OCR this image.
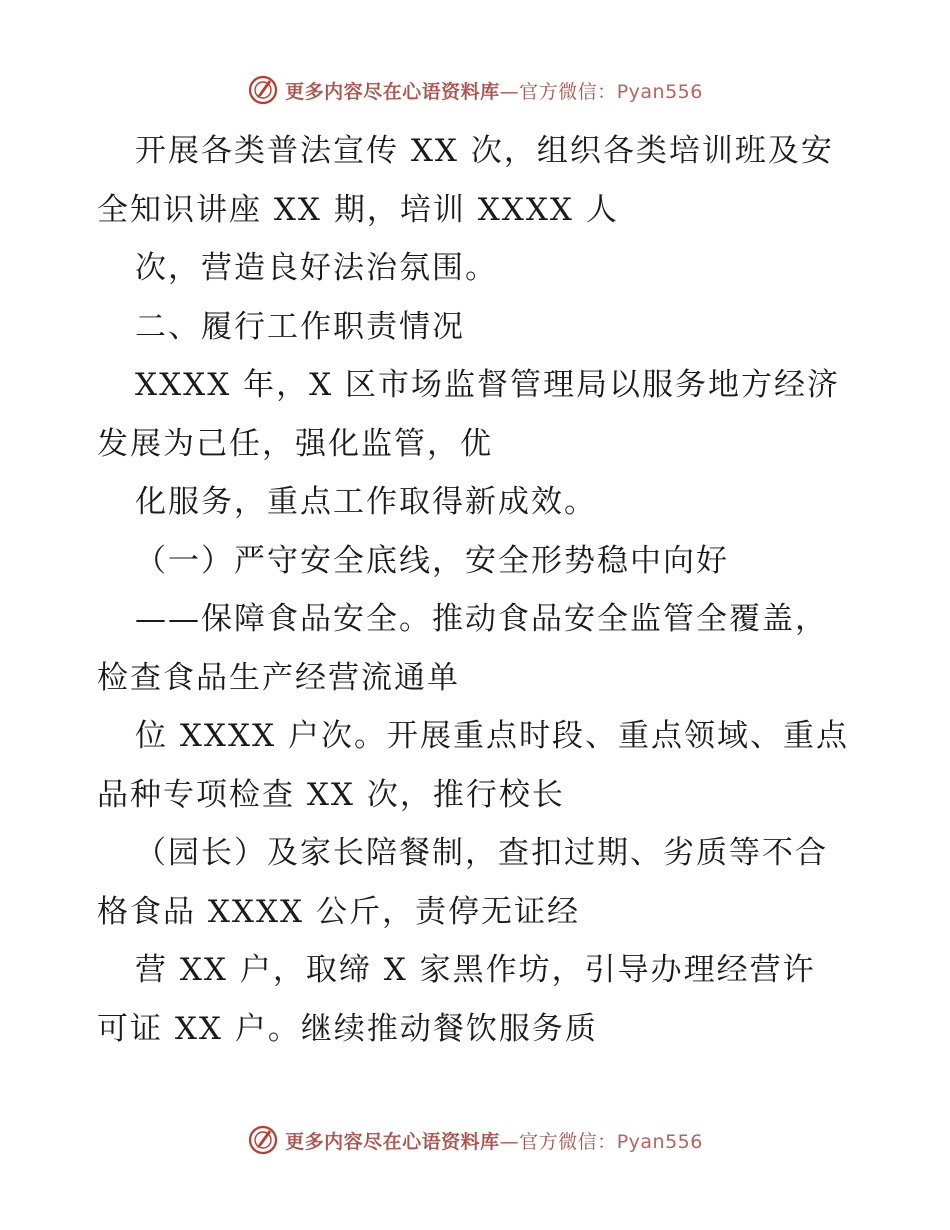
更多内容尽在心语资料库—官方微信：Pyan556
开展各类普法宣传 XX 次，组织各类培训班及安
全知识讲座 XX 期，培训 XXXX 人
次，营造良好法治氛围。
二、履行工作职责情况
XXXX 年，X 区市场监督管理局以服务地方经济
发展为己任，强化监管，优
化服务，重点工作取得新成效。
（一）严守安全底线，安全形势稳中向好
——保障食品安全。推动食品安全监管全覆盖，
检查食品生产经营流通单
位 XXXX 户次。开展重点时段、重点领域、重点
品种专项检查 XX 次，推行校长
（园长）及家长陪餐制，查扣过期、劣质等不合
格食品 XXXX 公斤，责停无证经
营 XX 户，取缔 X 家黑作坊，引导办理经营许
可证 XX 户。继续推动餐饮服务质
更多内容尽在心语资料库—官方微信：Pyan556
